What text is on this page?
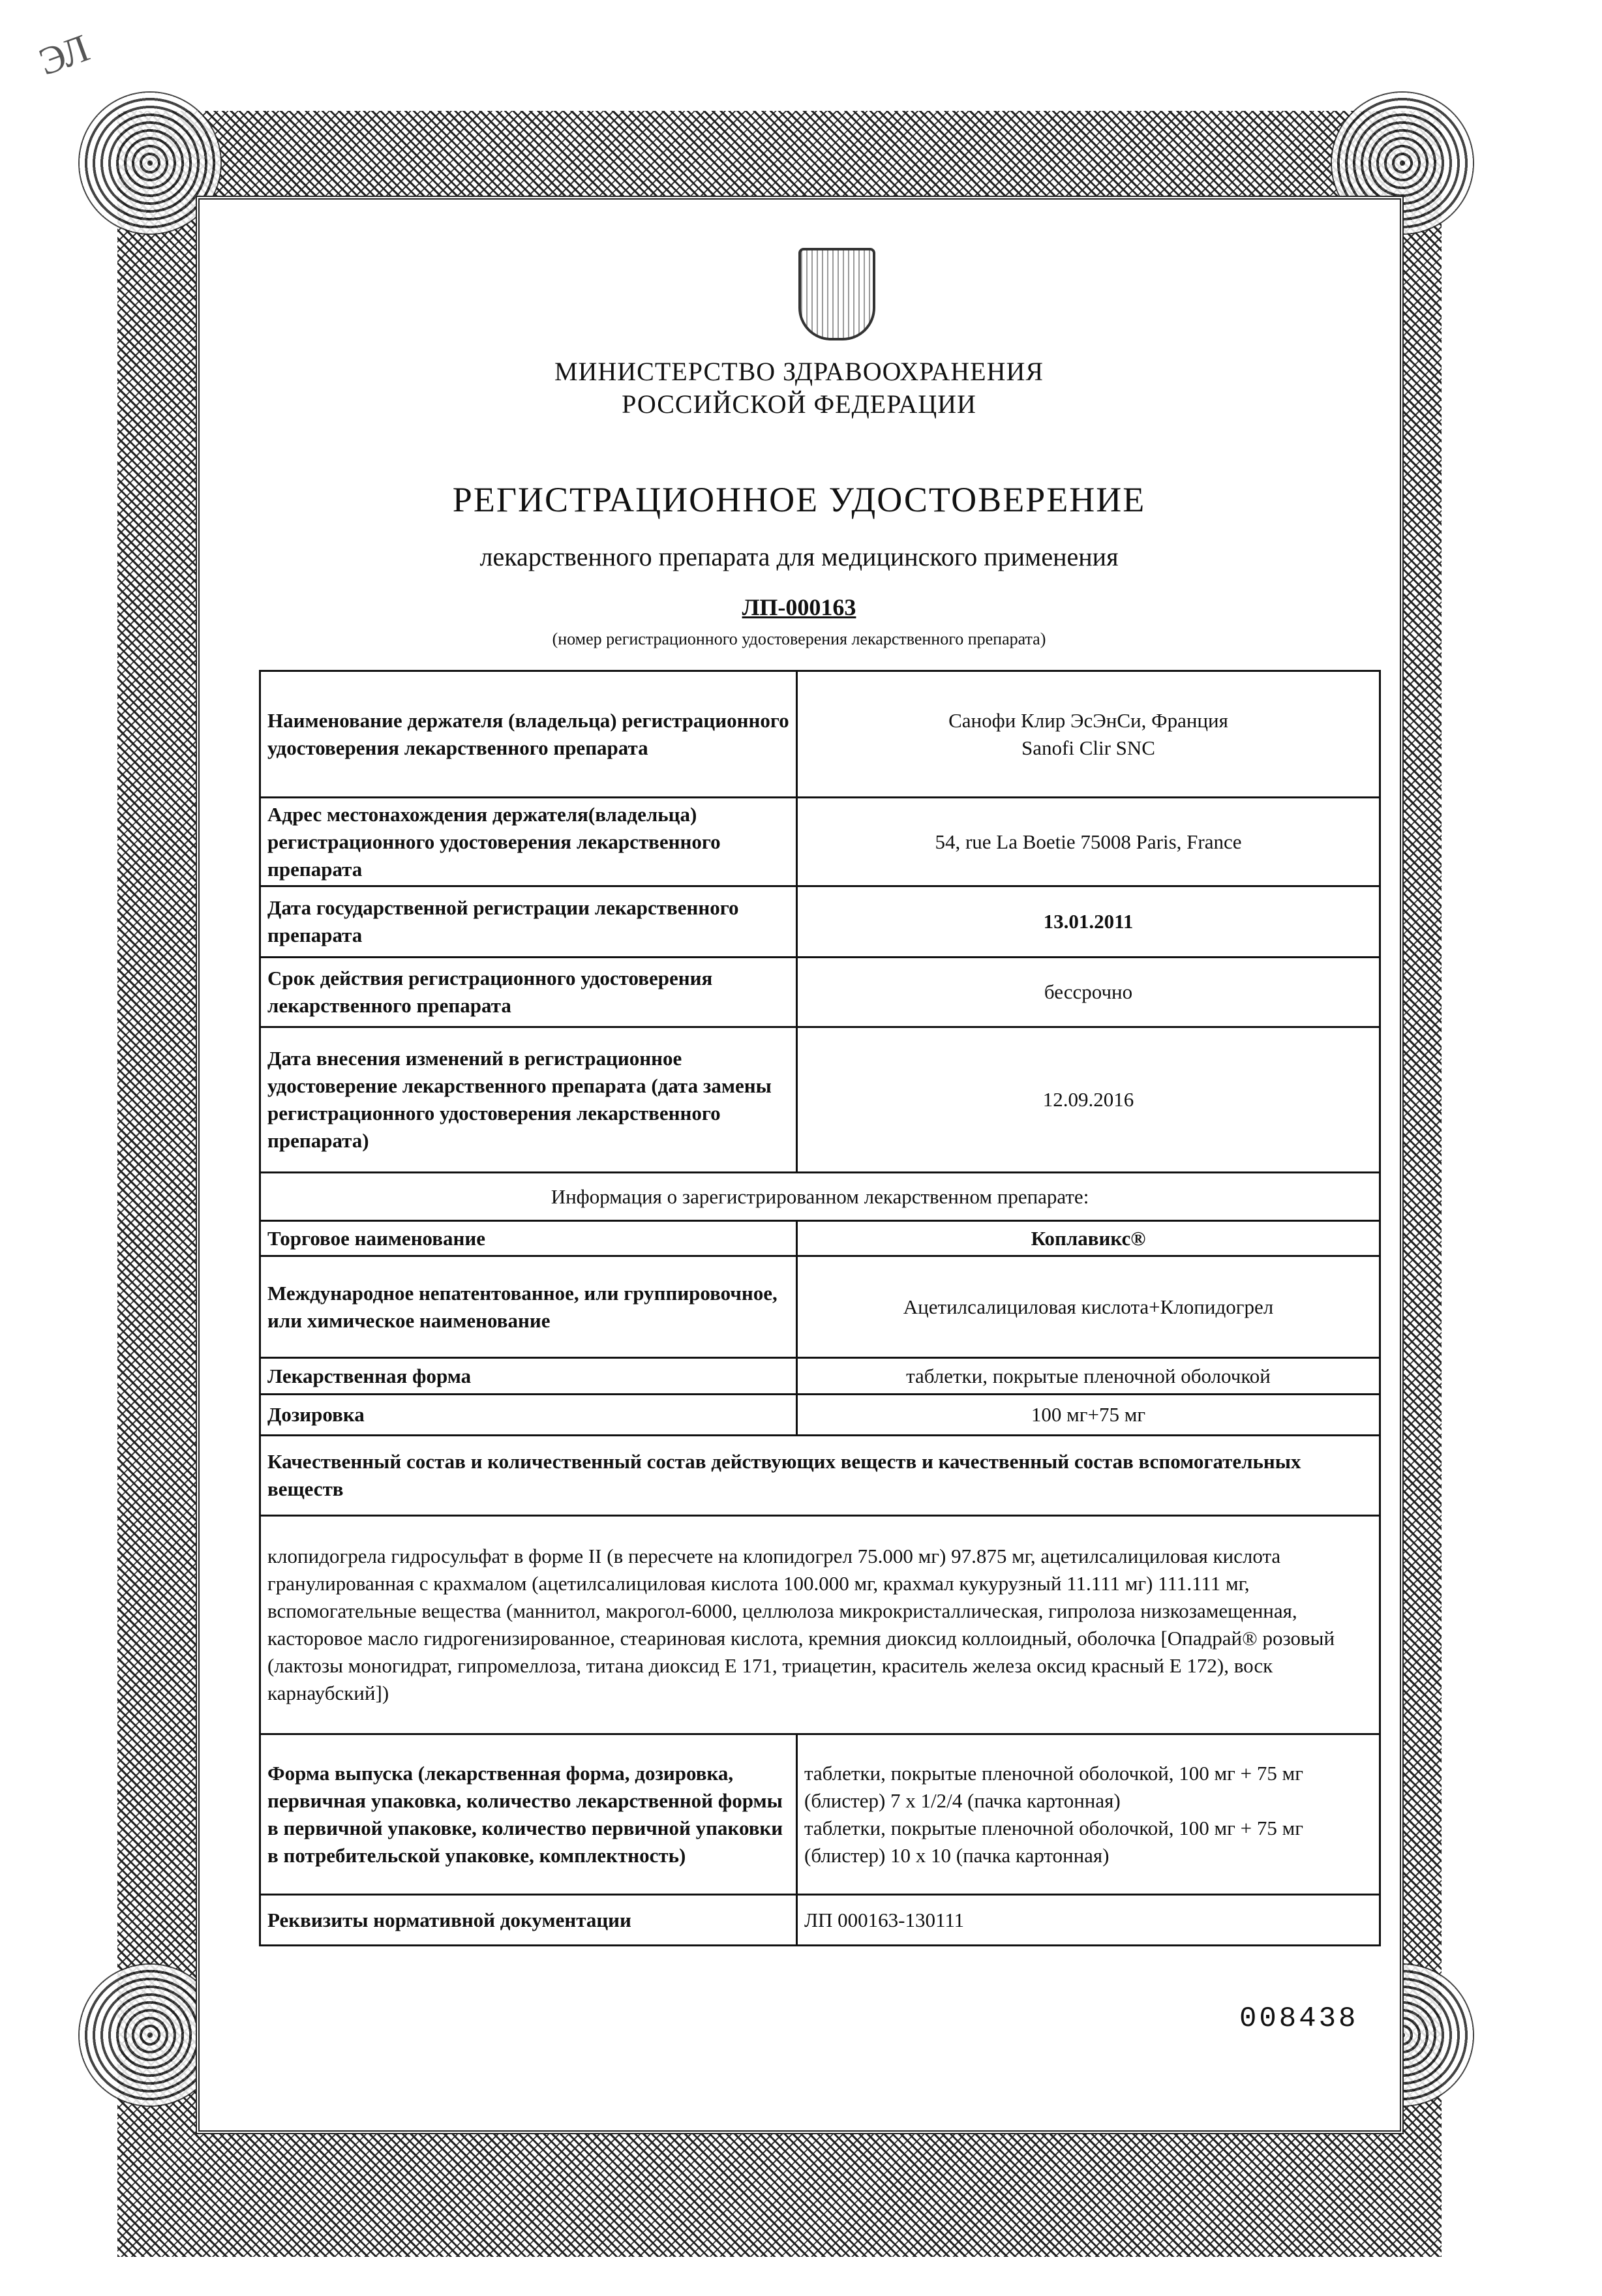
ЭЛ
МИНИСТЕРСТВО ЗДРАВООХРАНЕНИЯ
РОССИЙСКОЙ ФЕДЕРАЦИИ
РЕГИСТРАЦИОННОЕ УДОСТОВЕРЕНИЕ
лекарственного препарата для медицинского применения
ЛП-000163
(номер регистрационного удостоверения лекарственного препарата)
Наименование держателя (владельца) регистрационного удостоверения лекарственного препарата	Санофи Клир ЭсЭнСи, Франция
Sanofi Clir SNC

Адрес местонахождения держателя(владельца) регистрационного удостоверения лекарственного препарата	54, rue La Boetie 75008 Paris, France
Дата государственной регистрации лекарственного препарата	13.01.2011
Срок действия регистрационного удостоверения лекарственного препарата	бессрочно
Дата внесения изменений в регистрационное удостоверение лекарственного препарата (дата замены регистрационного удостоверения лекарственного препарата)	12.09.2016
Информация о зарегистрированном лекарственном препарате:	
Торговое наименование	Коплавикс®
Международное непатентованное, или группировочное, или химическое наименование	Ацетилсалициловая кислота+Клопидогрел
Лекарственная форма	таблетки, покрытые пленочной оболочкой
Дозировка	100 мг+75 мг
Качественный состав и количественный состав действующих веществ и качественный состав вспомогательных веществ	
клопидогрела гидросульфат в форме II (в пересчете на клопидогрел 75.000 мг) 97.875 мг, ацетилсалициловая кислота гранулированная с крахмалом (ацетилсалициловая кислота 100.000 мг, крахмал кукурузный 11.111 мг) 111.111 мг, вспомогательные вещества (маннитол, макрогол-6000, целлюлоза микрокристаллическая, гипролоза низкозамещенная, касторовое масло гидрогенизированное, стеариновая кислота, кремния диоксид коллоидный, оболочка [Опадрай® розовый (лактозы моногидрат, гипромеллоза, титана диоксид Е 171, триацетин, краситель железа оксид красный Е 172), воск карнаубский])	
Форма выпуска (лекарственная форма, дозировка, первичная упаковка, количество лекарственной формы в первичной упаковке, количество первичной упаковки в потребительской упаковке, комплектность)	таблетки, покрытые пленочной оболочкой, 100 мг + 75 мг (блистер) 7 x 1/2/4 (пачка картонная)
таблетки, покрытые пленочной оболочкой, 100 мг + 75 мг (блистер) 10 x 10 (пачка картонная)

Реквизиты нормативной документации	ЛП 000163-130111
008438
